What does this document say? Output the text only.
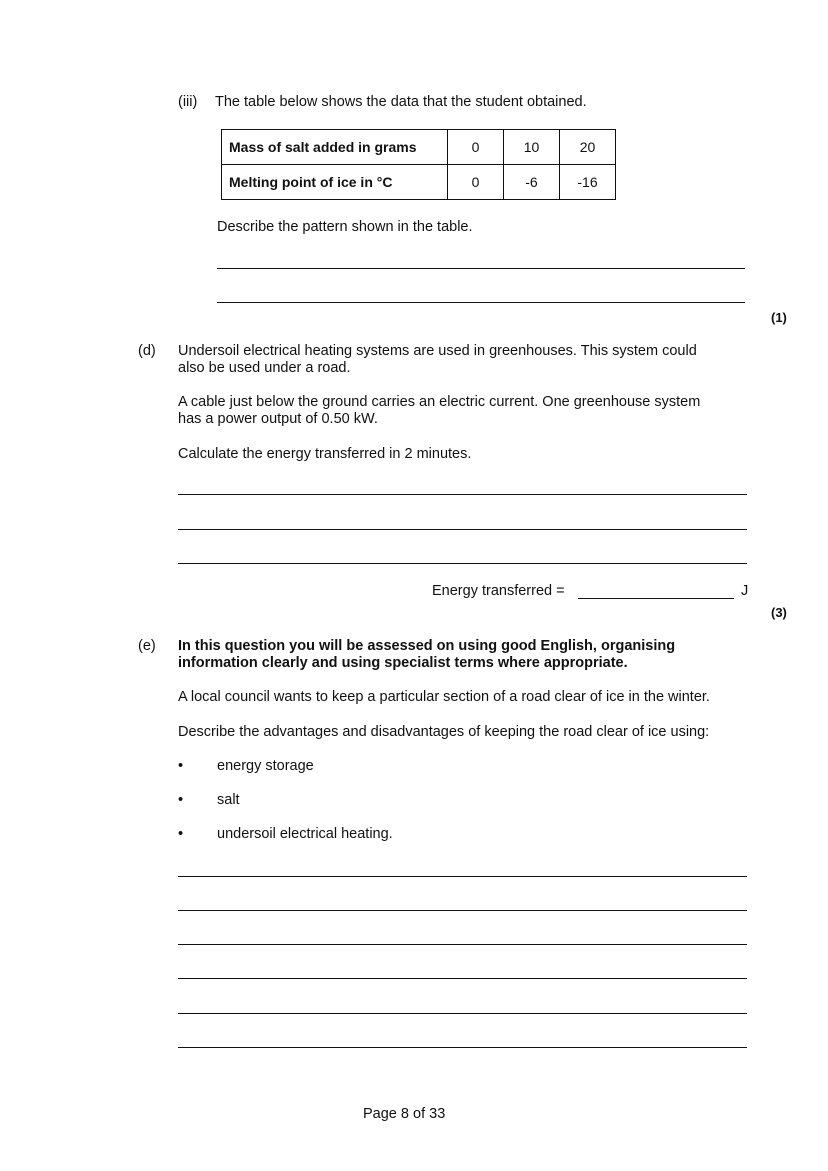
(iii) The table below shows the data that the student obtained.
Mass of salt added in grams	0	10	20
Melting point of ice in °C	0	-6	-16
Describe the pattern shown in the table.
(1)
(d) Undersoil electrical heating systems are used in greenhouses. This system could
also be used under a road.
A cable just below the ground carries an electric current. One greenhouse system
has a power output of 0.50 kW.
Calculate the energy transferred in 2 minutes.
Energy transferred =	J
(3)
(e) In this question you will be assessed on using good English, organising
information clearly and using specialist terms where appropriate.
A local council wants to keep a particular section of a road clear of ice in the winter.
Describe the advantages and disadvantages of keeping the road clear of ice using:
• energy storage
• salt
• undersoil electrical heating.
Page 8 of 33
